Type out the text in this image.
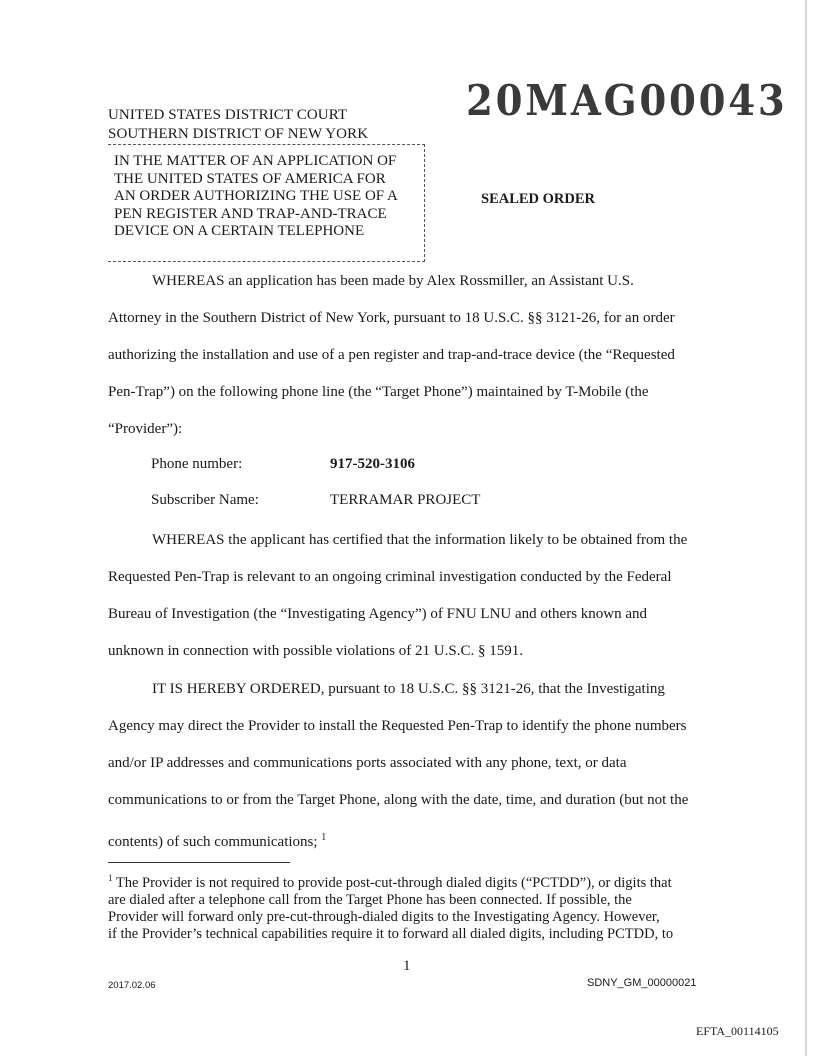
UNITED STATES DISTRICT COURT
SOUTHERN DISTRICT OF NEW YORK
20MAG00043
IN THE MATTER OF AN APPLICATION OF
THE UNITED STATES OF AMERICA FOR
AN ORDER AUTHORIZING THE USE OF A
PEN REGISTER AND TRAP-AND-TRACE
DEVICE ON A CERTAIN TELEPHONE
SEALED ORDER
WHEREAS an application has been made by Alex Rossmiller, an Assistant U.S.
Attorney in the Southern District of New York, pursuant to 18 U.S.C. §§ 3121-26, for an order
authorizing the installation and use of a pen register and trap-and-trace device (the “Requested
Pen-Trap”) on the following phone line (the “Target Phone”) maintained by T-Mobile (the
“Provider”):
Phone number:	917-520-3106
Subscriber Name:	TERRAMAR PROJECT
WHEREAS the applicant has certified that the information likely to be obtained from the
Requested Pen-Trap is relevant to an ongoing criminal investigation conducted by the Federal
Bureau of Investigation (the “Investigating Agency”) of FNU LNU and others known and
unknown in connection with possible violations of 21 U.S.C. § 1591.
IT IS HEREBY ORDERED, pursuant to 18 U.S.C. §§ 3121-26, that the Investigating
Agency may direct the Provider to install the Requested Pen-Trap to identify the phone numbers
and/or IP addresses and communications ports associated with any phone, text, or data
communications to or from the Target Phone, along with the date, time, and duration (but not the
contents) of such communications; $^1$
$^1$ The Provider is not required to provide post-cut-through dialed digits (“PCTDD”), or digits that
are dialed after a telephone call from the Target Phone has been connected. If possible, the
Provider will forward only pre-cut-through-dialed digits to the Investigating Agency. However,
if the Provider’s technical capabilities require it to forward all dialed digits, including PCTDD, to
1
2017.02.06	SDNY_GM_00000021
EFTA_00114105
